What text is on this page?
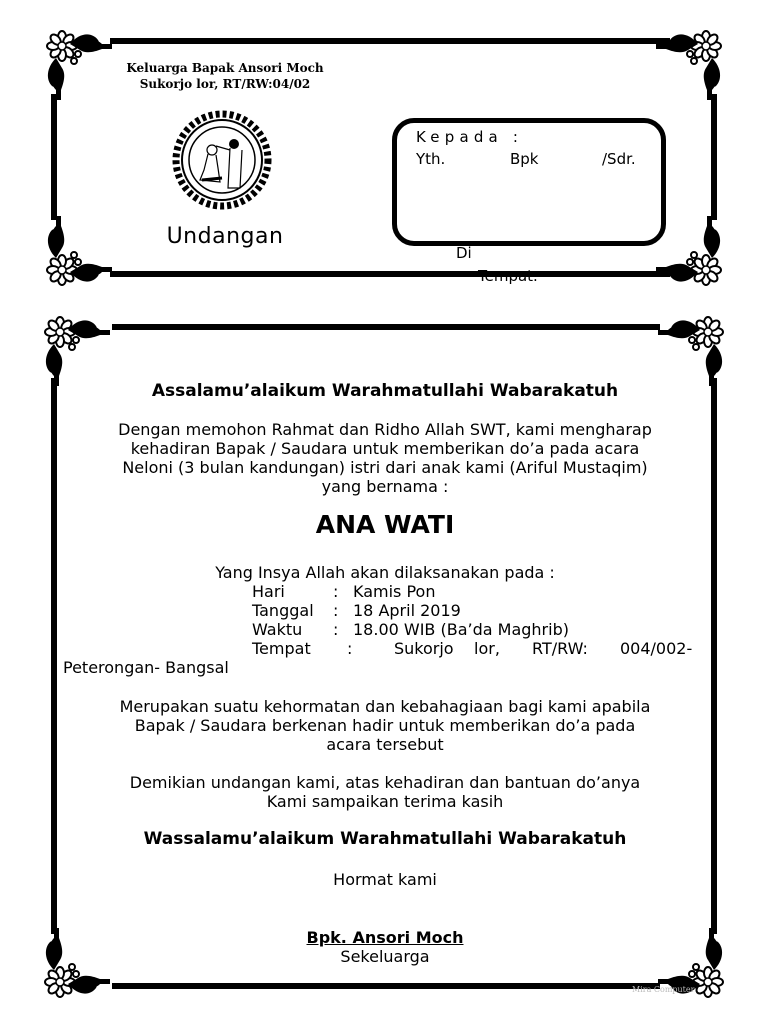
Keluarga Bapak Ansori Moch
Sukorjo lor, RT/RW:04/02
Undangan
Kepada :
Yth.	Bpk	/Sdr.
Di
Tempat.
Assalamu’alaikum Warahmatullahi Wabarakatuh
Dengan memohon Rahmat dan Ridho Allah SWT, kami mengharap
kehadiran Bapak / Saudara untuk memberikan do’a pada acara
Neloni (3 bulan kandungan) istri dari anak kami (Ariful Mustaqim)
yang bernama :
ANA WATI
Yang Insya Allah akan dilaksanakan pada :
Hari	: Kamis Pon
Tanggal : 18 April 2019
Waktu : 18.00 WIB (Ba’da Maghrib)
Tempat :	Sukorjo lor, RT/RW: 004/002-
Peterongan- Bangsal
Merupakan suatu kehormatan dan kebahagiaan bagi kami apabila
Bapak / Saudara berkenan hadir untuk memberikan do’a pada
acara tersebut
Demikian undangan kami, atas kehadiran dan bantuan do’anya
Kami sampaikan terima kasih
Wassalamu’alaikum Warahmatullahi Wabarakatuh
Hormat kami
Bpk. Ansori Moch
Sekeluarga
Mira Computer
